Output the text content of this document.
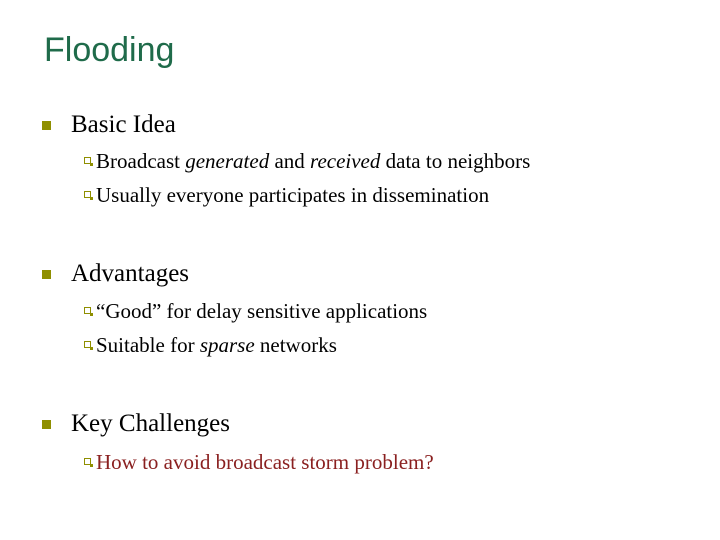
Flooding
Basic Idea
Broadcast generated and received data to neighbors
Usually everyone participates in dissemination
Advantages
“Good” for delay sensitive applications
Suitable for sparse networks
Key Challenges
How to avoid broadcast storm problem?
